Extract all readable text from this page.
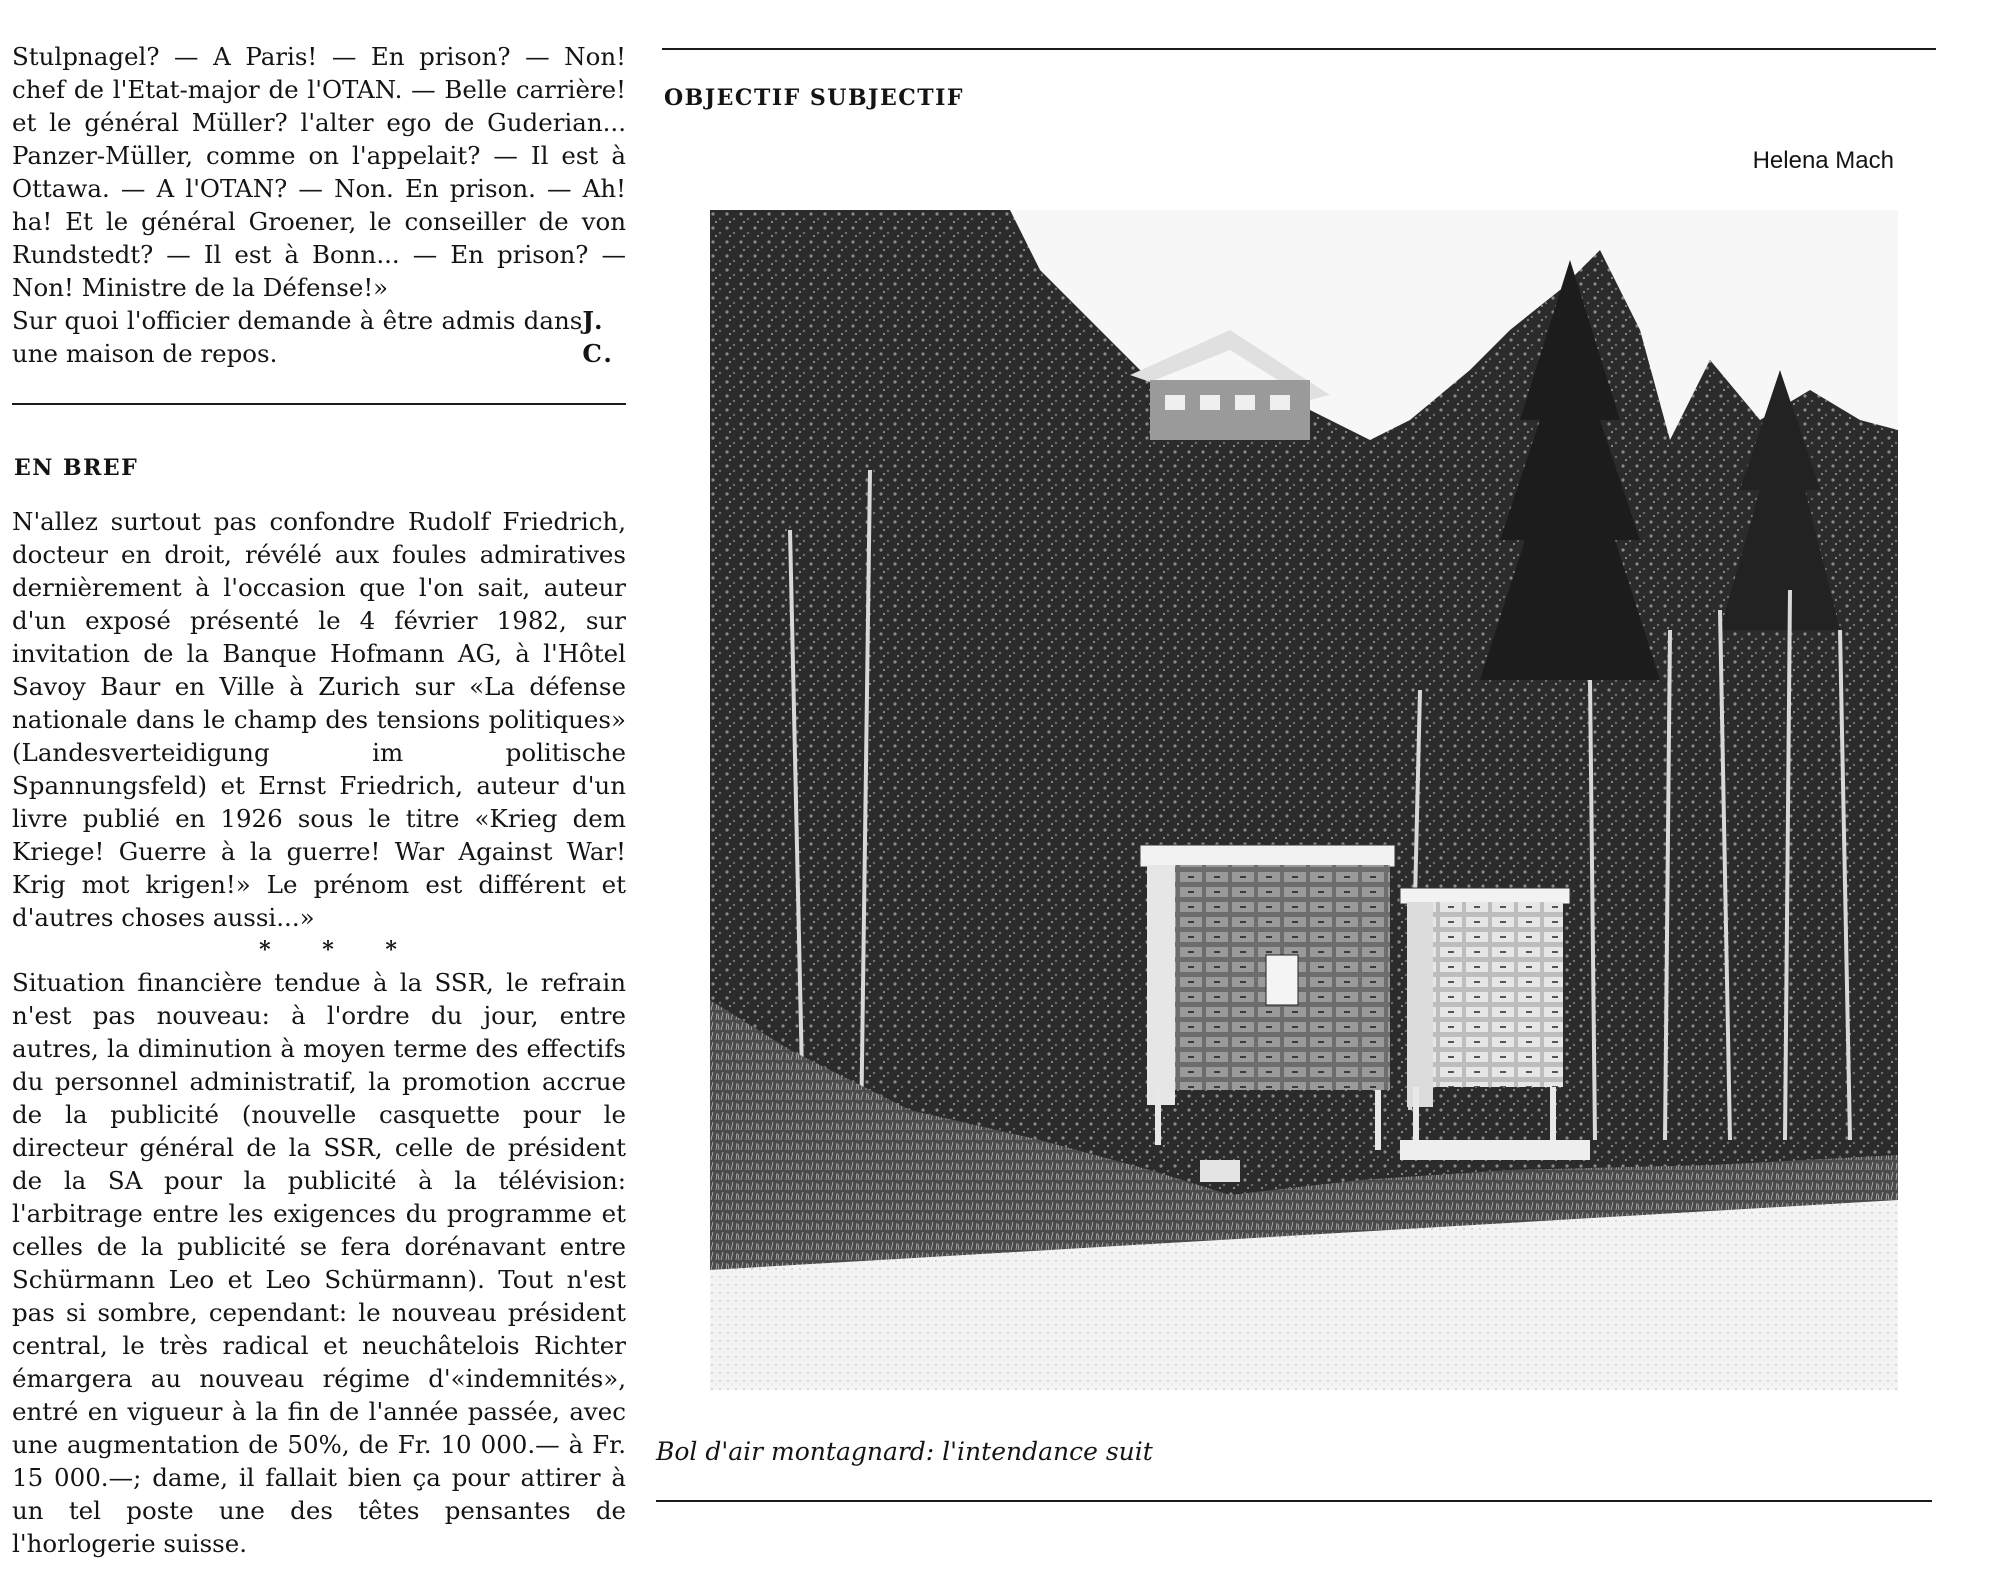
Stulpnagel? — A Paris! — En prison? — Non! chef de l'Etat-major de l'OTAN. — Belle carrière! et le général Müller? l'alter ego de Guderian... Panzer-Müller, comme on l'appelait? — Il est à Ottawa. — A l'OTAN? — Non. En prison. — Ah! ha! Et le général Groener, le conseiller de von Rundstedt? — Il est à Bonn... — En prison? — Non! Ministre de la Défense!»

Sur quoi l'officier demande à être admis dans une maison de repos.
J. C.

EN BREF

N'allez surtout pas confondre Rudolf Friedrich, docteur en droit, révélé aux foules admiratives dernièrement à l'occasion que l'on sait, auteur d'un exposé présenté le 4 février 1982, sur invitation de la Banque Hofmann AG, à l'Hôtel Savoy Baur en Ville à Zurich sur «La défense nationale dans le champ des tensions politiques» (Landesverteidigung im politische Spannungsfeld) et Ernst Friedrich, auteur d'un livre publié en 1926 sous le titre «Krieg dem Kriege! Guerre à la guerre! War Against War! Krig mot krigen!» Le prénom est différent et d'autres choses aussi...»

* * *

Situation financière tendue à la SSR, le refrain n'est pas nouveau: à l'ordre du jour, entre autres, la diminution à moyen terme des effectifs du personnel administratif, la promotion accrue de la publicité (nouvelle casquette pour le directeur général de la SSR, celle de président de la SA pour la publicité à la télévision: l'arbitrage entre les exigences du programme et celles de la publicité se fera dorénavant entre Schürmann Leo et Leo Schürmann). Tout n'est pas si sombre, cependant: le nouveau président central, le très radical et neuchâtelois Richter émargera au nouveau régime d'«indemnités», entré en vigueur à la fin de l'année passée, avec une augmentation de 50%, de Fr. 10 000.— à Fr. 15 000.—; dame, il fallait bien ça pour attirer à un tel poste une des têtes pensantes de l'horlogerie suisse.

OBJECTIF SUBJECTIF
Helena Mach
Bol d'air montagnard: l'intendance suit
